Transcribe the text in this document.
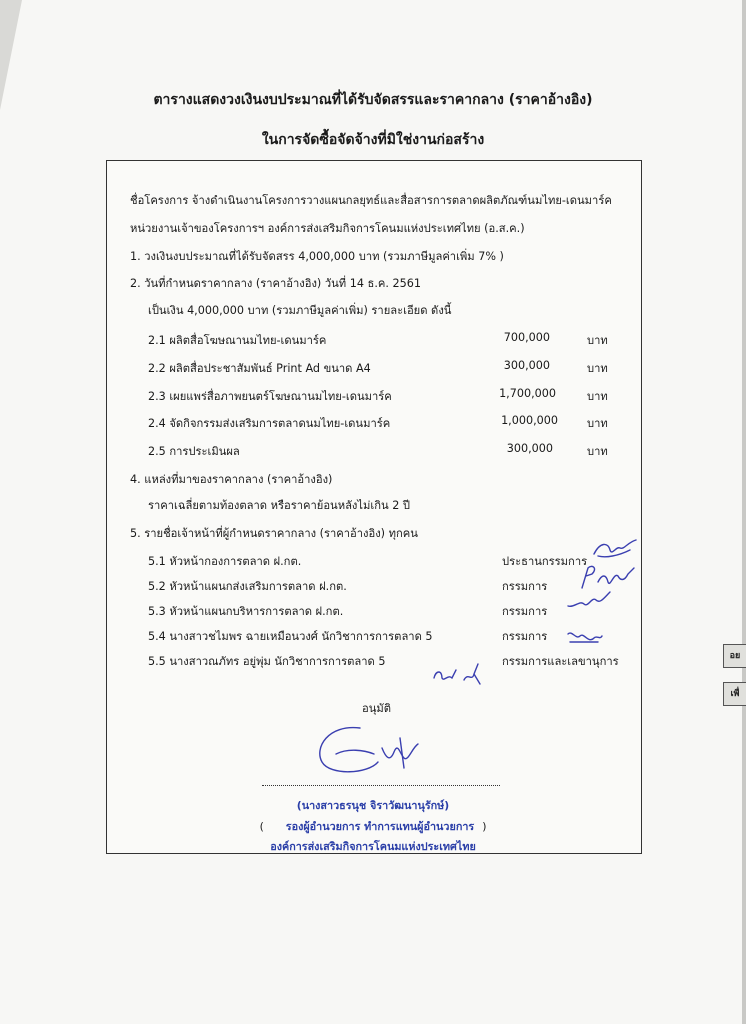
อย
เพื่
ตารางแสดงวงเงินงบประมาณที่ได้รับจัดสรรและราคากลาง (ราคาอ้างอิง)
ในการจัดซื้อจัดจ้างที่มิใช่งานก่อสร้าง
ชื่อโครงการ จ้างดำเนินงานโครงการวางแผนกลยุทธ์และสื่อสารการตลาดผลิตภัณฑ์นมไทย-เดนมาร์ค
หน่วยงานเจ้าของโครงการฯ องค์การส่งเสริมกิจการโคนมแห่งประเทศไทย (อ.ส.ค.)
1. วงเงินงบประมาณที่ได้รับจัดสรร 4,000,000 บาท (รวมภาษีมูลค่าเพิ่ม 7% )
2. วันที่กำหนดราคากลาง (ราคาอ้างอิง) วันที่ 14 ธ.ค. 2561
เป็นเงิน 4,000,000 บาท (รวมภาษีมูลค่าเพิ่ม) รายละเอียด ดังนี้
2.1 ผลิตสื่อโฆษณานมไทย-เดนมาร์ค	700,000	บาท
2.2 ผลิตสื่อประชาสัมพันธ์ Print Ad ขนาด A4	300,000	บาท
2.3 เผยแพร่สื่อภาพยนตร์โฆษณานมไทย-เดนมาร์ค	1,700,000	บาท
2.4 จัดกิจกรรมส่งเสริมการตลาดนมไทย-เดนมาร์ค	1,000,000	บาท
2.5 การประเมินผล	300,000	บาท
4. แหล่งที่มาของราคากลาง (ราคาอ้างอิง)
ราคาเฉลี่ยตามท้องตลาด หรือราคาย้อนหลังไม่เกิน 2 ปี
5. รายชื่อเจ้าหน้าที่ผู้กำหนดราคากลาง (ราคาอ้างอิง) ทุกคน
5.1 หัวหน้ากองการตลาด ฝ.กต.	ประธานกรรมการ
5.2 หัวหน้าแผนกส่งเสริมการตลาด ฝ.กต.	กรรมการ
5.3 หัวหน้าแผนกบริหารการตลาด ฝ.กต.	กรรมการ
5.4 นางสาวชไมพร ฉายเหมือนวงศ์ นักวิชาการการตลาด 5	กรรมการ
5.5 นางสาวณภัทร อยู่พุ่ม นักวิชาการการตลาด 5	กรรมการและเลขานุการ
อนุมัติ
(นางสาวธรนุช จิราวัฒนานุรักษ์)
( รองผู้อำนวยการ ทำการแทนผู้อำนวยการ )
องค์การส่งเสริมกิจการโคนมแห่งประเทศไทย
